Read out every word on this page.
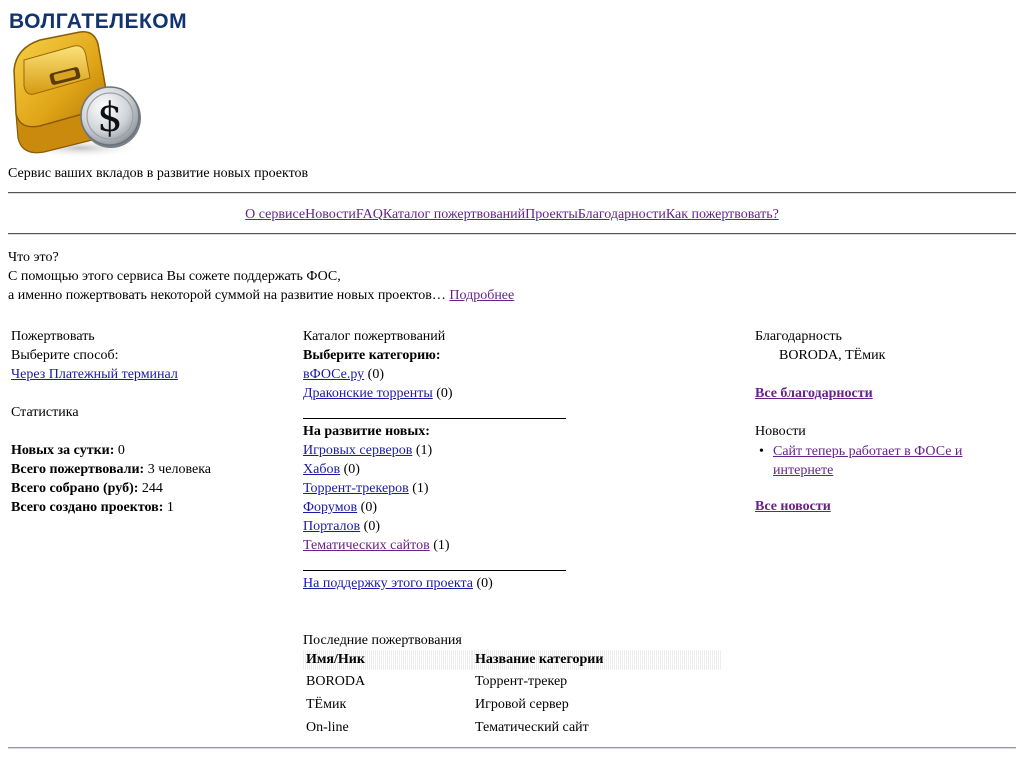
ВОЛГАТЕЛЕКОМ
$
Сервис ваших вкладов в развитие новых проектов
О сервисеНовостиFAQКаталог пожертвованийПроектыБлагодарностиКак пожертвовать?
Что это?
С помощью этого сервиса Вы сожете поддержать ФОС,
а именно пожертвовать некоторой суммой на развитие новых проектов… Подробнее
Пожертвовать
Выберите способ:
Через Платежный терминал
Статистика
Новых за сутки: 0
Всего пожертвовали: 3 человека
Всего собрано (руб): 244
Всего создано проектов: 1
Каталог пожертвований
Выберите категорию:
вФОСе.ру (0)
Драконские торренты (0)
На развитие новых:
Игровых серверов (1)
Хабов (0)
Торрент-трекеров (1)
Форумов (0)
Порталов (0)
Тематических сайтов (1)
На поддержку этого проекта (0)
Благодарность
BORODA, ТЁмик
Все благодарности
Новости
• Сайт теперь работает в ФОСе и интернете
Все новости
Последние пожертвования
Имя/Ник	Название категории
BORODA	Торрент-трекер
ТЁмик	Игровой сервер
On-line	Тематический сайт
